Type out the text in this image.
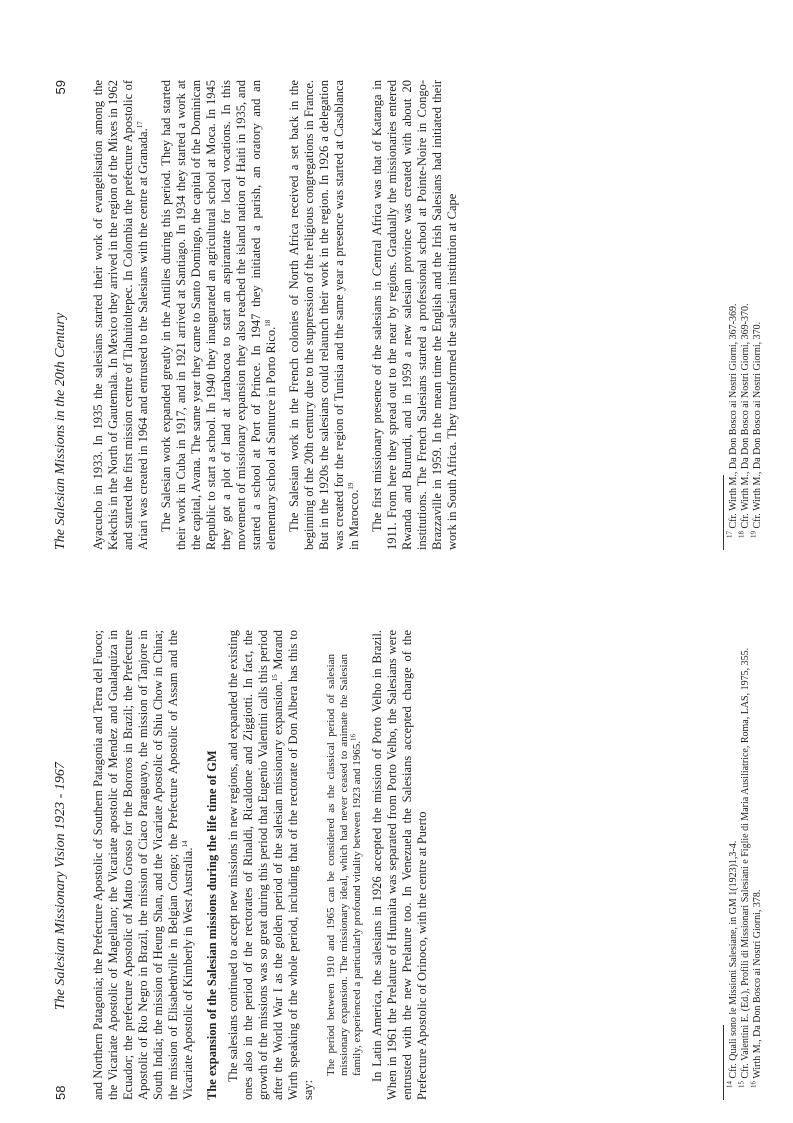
58
The Salesian Missionary Vision 1923 - 1967 and Northern Patagonia; the Prefecture Apostolic of Southern Patagonia and Terra del Fuoco; the Vicariate Apostolic of Magellano; the Vicariate apostolic of Mendez and Gualaquiza in Ecuador; the prefecture Apostolic of Matto Grosso for the Bororos in Brazil; the Prefecture Apostolic of Rio Negro in Brazil, the mission of Ciaco Paraguayo, the mission of Tanjore in South India; the mission of Heung Shan, and the Vicariate Apostolic of Shiu Chow in China; the mission of Elisabethville in Belgian Congo; the Prefecture Apostolic of Assam and the Vicariate Apostolic of Kimberly in West Australia.$^{14}$	The expansion of the Salesian missions during the life time of GM The salesians continued to accept new missions in new regions, and expanded the existing ones also in the period of the rectorates of Rinaldi, Ricaldone and Ziggiotti. In fact, the growth of the missions was so great during this period that Eugenio Valentini calls this period after the World War I as the golden period of the salesian missionary expansion.$^{15}$ Morand Wirth speaking of the whole period, including that of the rectorate of Don Albera has this to say:

The period between 1910 and 1965 can be considered as the classical period of salesian missionary expansion. The missionary ideal, which had never ceased to animate the Salesian family, experienced a particularly profound vitality between 1923 and 1965.16	In Latin America, the salesians in 1926 accepted the mission of Porto Velho in Brazil. When in 1961 the Prelature of Humaita was separated from Porto Velho, the Salesians were entrusted with the new Prelature too. In Venezuela the Salesians accepted charge of the Prefecture Apostolic of Orinoco, with the centre at Puerto	$^{14}$ Cfr. Quali sono le Missioni Salesiane, in GM 1(1923)1,3-4.

$^{15}$ Cfr. Valentini E. (Ed.), Profili di Missionari Salesiani e Figlie di Maria Ausiliatrice, Roma, LAS, 1975, 355.

$^{16}$ Wirth M., Da Don Bosco ai Nostri Giorni, 378.

The Salesian Missions in the 20th Century
59 Ayacucho in 1933. In 1935 the salesians started their work of evangelisation among the Kekchis in the North of Gautemala. In Mexico they arrived in the region of the Mixes in 1962 and started the first mission centre of Tlahuitoltepec. In Colombia the prefecture Apostolic of Ariari was created in 1964 and entrusted to the Salesians with the centre at Granada.$^{17}$	The Salesian work expanded greatly in the Antilles during this period. They had started their work in Cuba in 1917, and in 1921 arrived at Santiago. In 1934 they started a work at the capital, Avana. The same year they came to Santo Domingo, the capital of the Dominican Republic to start a school. In 1940 they inaugurated an agricultural school at Moca. In 1945 they got a plot of land at Jarabacoa to start an aspirantate for local vocations. In this movement of missionary expansion they also reached the island nation of Haiti in 1935, and started a school at Port of Prince. In 1947 they initiated a parish, an oratory and an elementary school at Santurce in Porto Rico.$^{18}$	The Salesian work in the French colonies of North Africa received a set back in the beginning of the 20th century due to the suppression of the religious congregations in France. But in the 1920s the salesians could relaunch their work in the region. In 1926 a delegation was created for the region of Tunisia and the same year a presence was started at Casablanca in Marocco.$^{19}$	The first missionary presence of the salesians in Central Africa was that of Katanga in 1911. From here they spread out to the near by regions. Gradually the missionaries entered Rwanda and Burundi, and in 1959 a new salesian province was created with about 20 institutions. The French Salesians started a professional school at Pointe-Noire in Congo-Brazzaville in 1959. In the mean time the English and the Irish Salesians had initiated their work in South Africa. They transformed the salesian institution at Cape	$^{17}$ Cfr. Wirth M., Da Don Bosco ai Nostri Giorni, 367-369.

$^{18}$ Cfr. Wirth M., Da Don Bosco ai Nostri Giorni, 369-370.

$^{19}$ Cfr. Wirth M., Da Don Bosco ai Nostri Giorni, 370.
